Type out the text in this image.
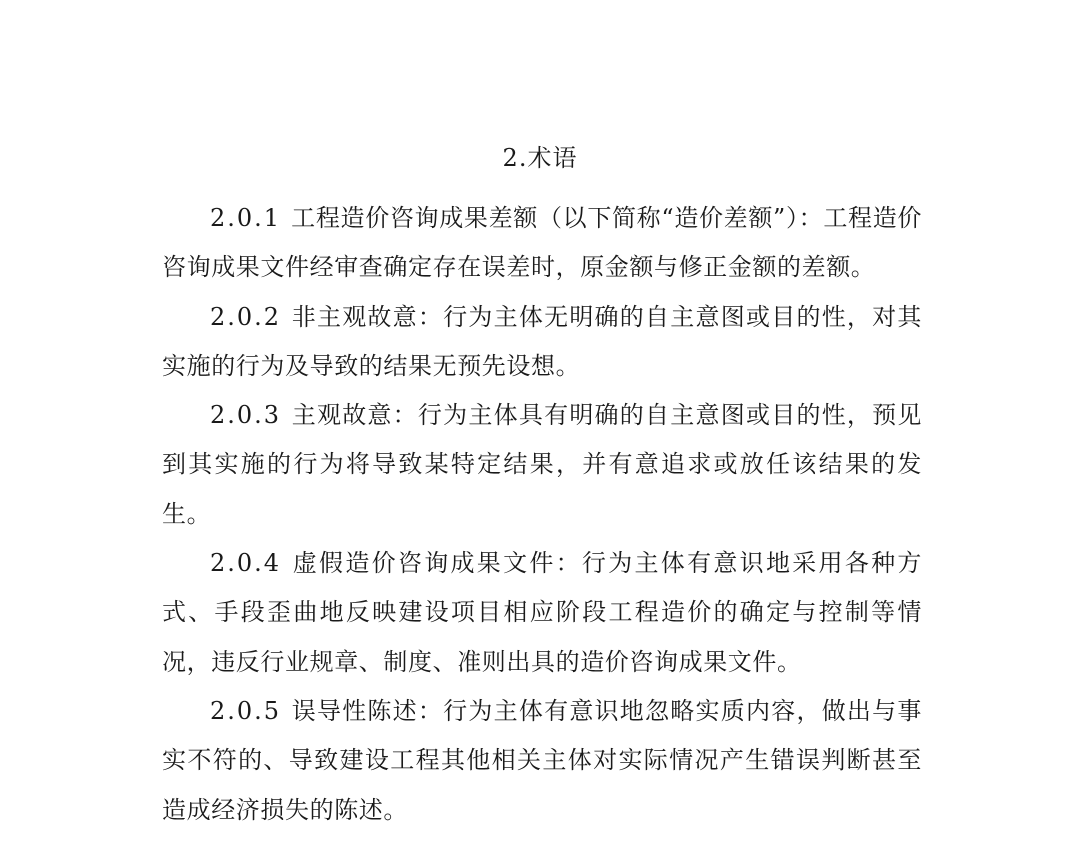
2.术语

2.0.1 工程造价咨询成果差额（以下简称“造价差额”）：工程造价咨询成果文件经审查确定存在误差时，原金额与修正金额的差额。

2.0.2 非主观故意：行为主体无明确的自主意图或目的性，对其实施的行为及导致的结果无预先设想。

2.0.3 主观故意：行为主体具有明确的自主意图或目的性，预见到其实施的行为将导致某特定结果，并有意追求或放任该结果的发生。

2.0.4 虚假造价咨询成果文件：行为主体有意识地采用各种方式、手段歪曲地反映建设项目相应阶段工程造价的确定与控制等情况，违反行业规章、制度、准则出具的造价咨询成果文件。

2.0.5 误导性陈述：行为主体有意识地忽略实质内容，做出与事实不符的、导致建设工程其他相关主体对实际情况产生错误判断甚至造成经济损失的陈述。
